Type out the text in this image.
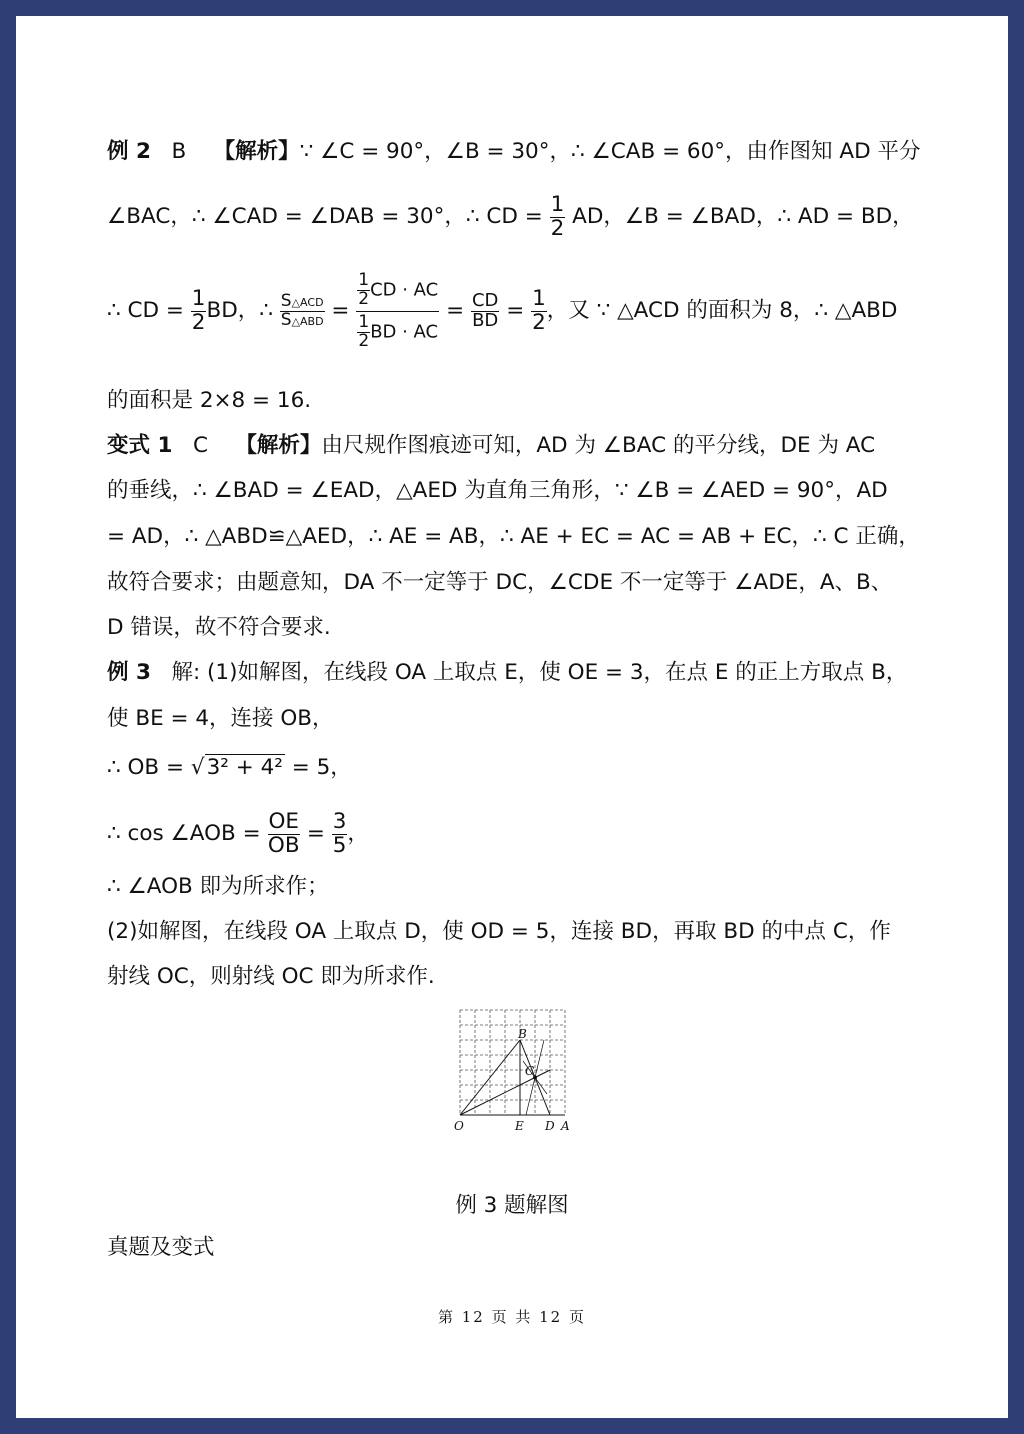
例 2 B 【解析】∵ ∠C = 90°，∠B = 30°，∴ ∠CAB = 60°，由作图知 AD 平分
∠BAC，∴ ∠CAD = ∠DAB = 30°，∴ CD = $\frac{1}{2}$ AD，∠B = ∠BAD，∴ AD = BD，
∴ CD = $\frac{1}{2}$ BD，∴ $\frac{\text{S△ACD}}{\text{S△ABD}} = \frac{\frac{1}{2} CD \cdot AC}{\frac{1}{2} BD \cdot AC} = \frac{CD}{BD} = \frac{1}{2}$ ，又 ∵ △ACD 的面积为 8，∴ △ABD
的面积是 2×8 = 16.
变式 1 C 【解析】由尺规作图痕迹可知，AD 为 ∠BAC 的平分线，DE 为 AC
的垂线，∴ ∠BAD = ∠EAD，△AED 为直角三角形，∵ ∠B = ∠AED = 90°，AD
= AD，∴ △ABD≌△AED，∴ AE = AB，∴ AE + EC = AC = AB + EC，∴ C 正确，
故符合要求；由题意知，DA 不一定等于 DC，∠CDE 不一定等于 ∠ADE，A、B、
D 错误，故不符合要求.
例 3 解: (1)如解图，在线段 OA 上取点 E，使 OE = 3，在点 E 的正上方取点 B，
使 BE = 4，连接 OB，
∴ OB = √3² + 4² = 5，
∴ cos ∠AOB = $\frac{OE}{OB} = \frac{3}{5}$ ，
∴ ∠AOB 即为所求作；
(2)如解图，在线段 OA 上取点 D，使 OD = 5，连接 BD，再取 BD 的中点 C，作
射线 OC，则射线 OC 即为所求作.
B
C
O	E D A
例 3 题解图
真题及变式
第 12 页 共 12 页
